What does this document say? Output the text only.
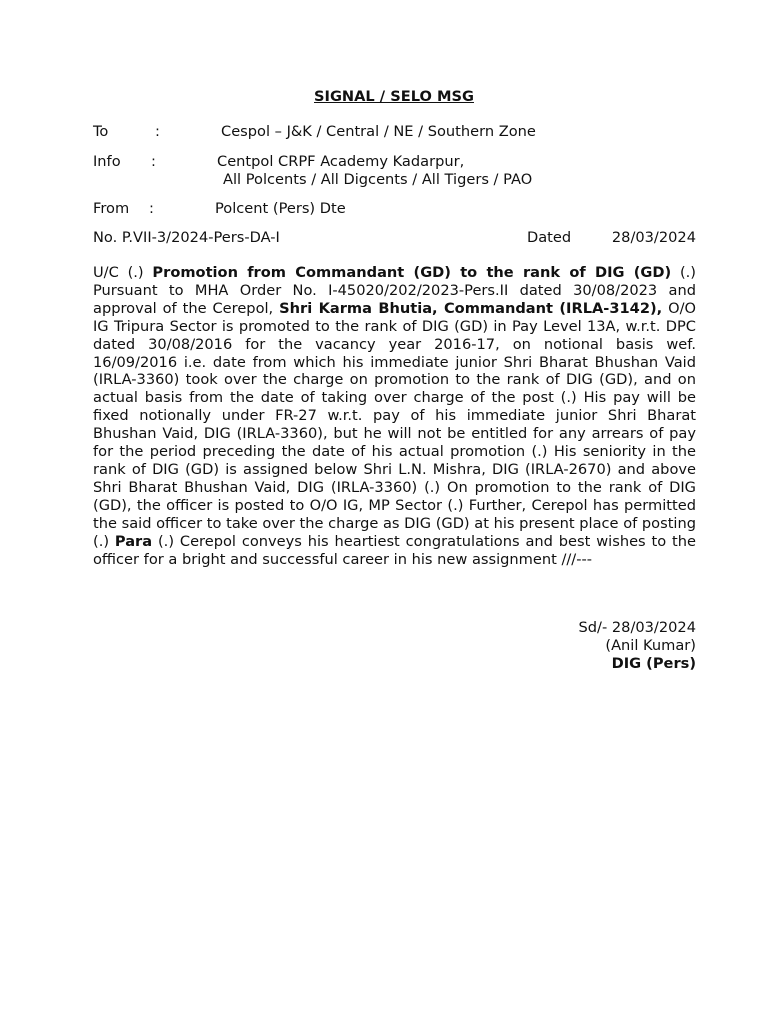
SIGNAL / SELO MSG
To	:	Cespol – J&K / Central / NE / Southern Zone
Info :	Centpol CRPF Academy Kadarpur,
All Polcents / All Digcents / All Tigers / PAO
From :	Polcent (Pers) Dte
No. P.VII-3/2024-Pers-DA-I	Dated	28/03/2024
U/C (.) Promotion from Commandant (GD) to the rank of DIG (GD) (.) Pursuant to MHA Order No. I-45020/202/2023-Pers.II dated 30/08/2023 and approval of the Cerepol, Shri Karma Bhutia, Commandant (IRLA-3142), O/O IG Tripura Sector is promoted to the rank of DIG (GD) in Pay Level 13A, w.r.t. DPC dated 30/08/2016 for the vacancy year 2016-17, on notional basis wef. 16/09/2016 i.e. date from which his immediate junior Shri Bharat Bhushan Vaid (IRLA-3360) took over the charge on promotion to the rank of DIG (GD), and on actual basis from the date of taking over charge of the post (.) His pay will be fixed notionally under FR-27 w.r.t. pay of his immediate junior Shri Bharat Bhushan Vaid, DIG (IRLA-3360), but he will not be entitled for any arrears of pay for the period preceding the date of his actual promotion (.) His seniority in the rank of DIG (GD) is assigned below Shri L.N. Mishra, DIG (IRLA-2670) and above Shri Bharat Bhushan Vaid, DIG (IRLA-3360) (.) On promotion to the rank of DIG (GD), the officer is posted to O/O IG, MP Sector (.) Further, Cerepol has permitted the said officer to take over the charge as DIG (GD) at his present place of posting (.) Para (.) Cerepol conveys his heartiest congratulations and best wishes to the officer for a bright and successful career in his new assignment ///---
Sd/- 28/03/2024
(Anil Kumar)
DIG (Pers)
